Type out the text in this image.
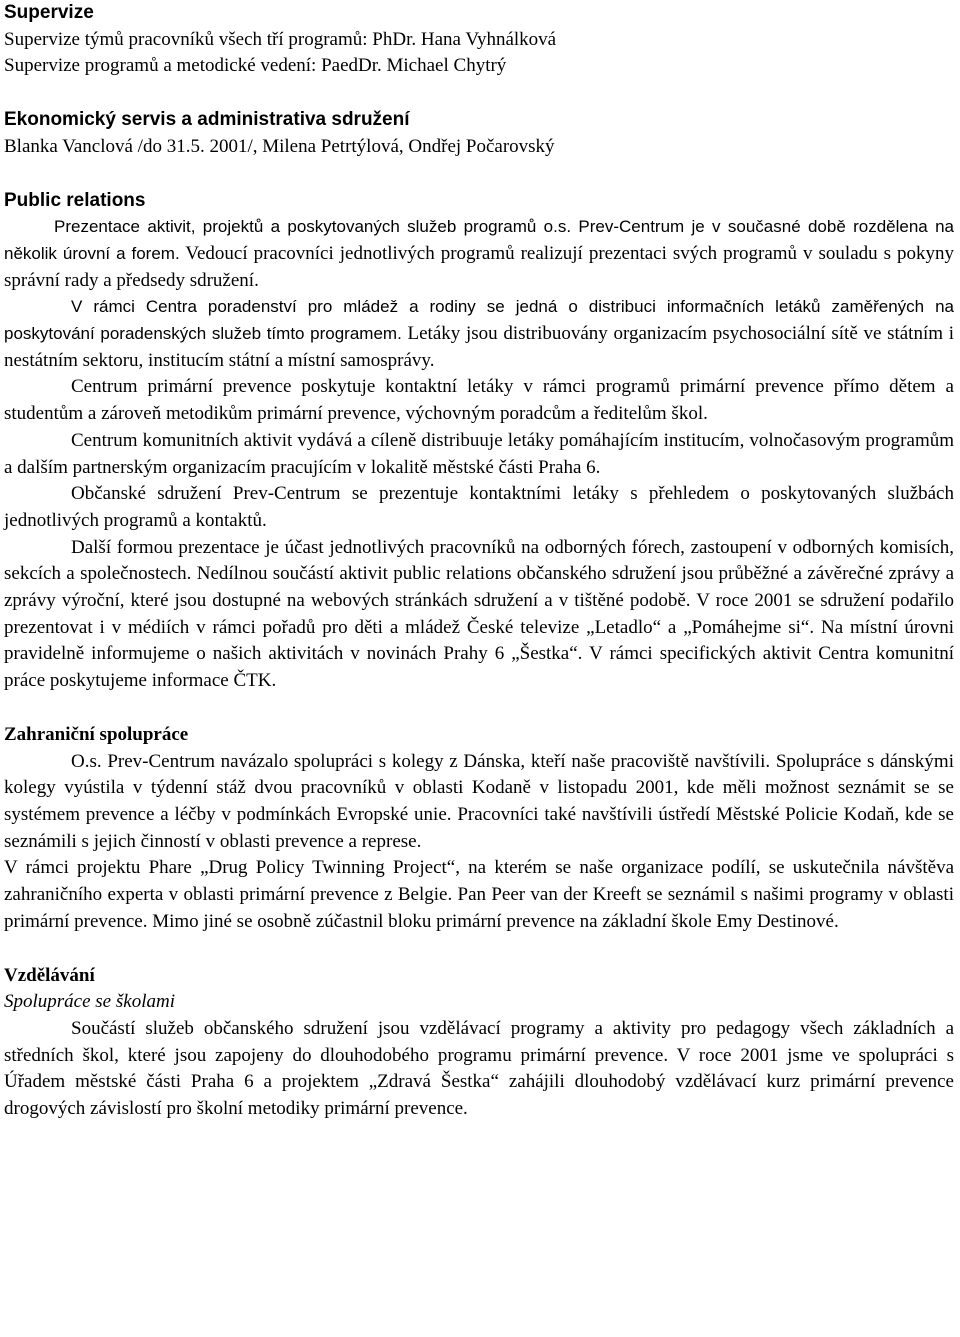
Supervize

Supervize týmů pracovníků všech tří programů: PhDr. Hana Vyhnálková

Supervize programů a metodické vedení: PaedDr. Michael Chytrý

Ekonomický servis a administrativa sdružení

Blanka Vanclová /do 31.5. 2001/, Milena Petrtýlová, Ondřej Počarovský

Public relations

Prezentace aktivit, projektů a poskytovaných služeb programů o.s. Prev-Centrum je v současné době rozdělena na několik úrovní a forem. Vedoucí pracovníci jednotlivých programů realizují prezentaci svých programů v souladu s pokyny správní rady a předsedy sdružení.

V rámci Centra poradenství pro mládež a rodiny se jedná o distribuci informačních letáků zaměřených na poskytování poradenských služeb tímto programem. Letáky jsou distribuovány organizacím psychosociální sítě ve státním i nestátním sektoru, institucím státní a místní samosprávy.

Centrum primární prevence poskytuje kontaktní letáky v rámci programů primární prevence přímo dětem a studentům a zároveň metodikům primární prevence, výchovným poradcům a ředitelům škol.

Centrum komunitních aktivit vydává a cíleně distribuuje letáky pomáhajícím institucím, volnočasovým programům a dalším partnerským organizacím pracujícím v lokalitě městské části Praha 6.

Občanské sdružení Prev-Centrum se prezentuje kontaktními letáky s přehledem o poskytovaných službách jednotlivých programů a kontaktů.

Další formou prezentace je účast jednotlivých pracovníků na odborných fórech, zastoupení v odborných komisích, sekcích a společnostech. Nedílnou součástí aktivit public relations občanského sdružení jsou průběžné a závěrečné zprávy a zprávy výroční, které jsou dostupné na webových stránkách sdružení a v tištěné podobě. V roce 2001 se sdružení podařilo prezentovat i v médiích v rámci pořadů pro děti a mládež České televize „Letadlo“ a „Pomáhejme si“. Na místní úrovni pravidelně informujeme o našich aktivitách v novinách Prahy 6 „Šestka“. V rámci specifických aktivit Centra komunitní práce poskytujeme informace ČTK.

Zahraniční spolupráce

O.s. Prev-Centrum navázalo spolupráci s kolegy z Dánska, kteří naše pracoviště navštívili. Spolupráce s dánskými kolegy vyústila v týdenní stáž dvou pracovníků v oblasti Kodaně v listopadu 2001, kde měli možnost seznámit se se systémem prevence a léčby v podmínkách Evropské unie. Pracovníci také navštívili ústředí Městské Policie Kodaň, kde se seznámili s jejich činností v oblasti prevence a represe.

V rámci projektu Phare „Drug Policy Twinning Project“, na kterém se naše organizace podílí, se uskutečnila návštěva zahraničního experta v oblasti primární prevence z Belgie. Pan Peer van der Kreeft se seznámil s našimi programy v oblasti primární prevence. Mimo jiné se osobně zúčastnil bloku primární prevence na základní škole Emy Destinové.

Vzdělávání
Spolupráce se školami

Součástí služeb občanského sdružení jsou vzdělávací programy a aktivity pro pedagogy všech základních a středních škol, které jsou zapojeny do dlouhodobého programu primární prevence. V roce 2001 jsme ve spolupráci s Úřadem městské části Praha 6 a projektem „Zdravá Šestka“ zahájili dlouhodobý vzdělávací kurz primární prevence drogových závislostí pro školní metodiky primární prevence.
